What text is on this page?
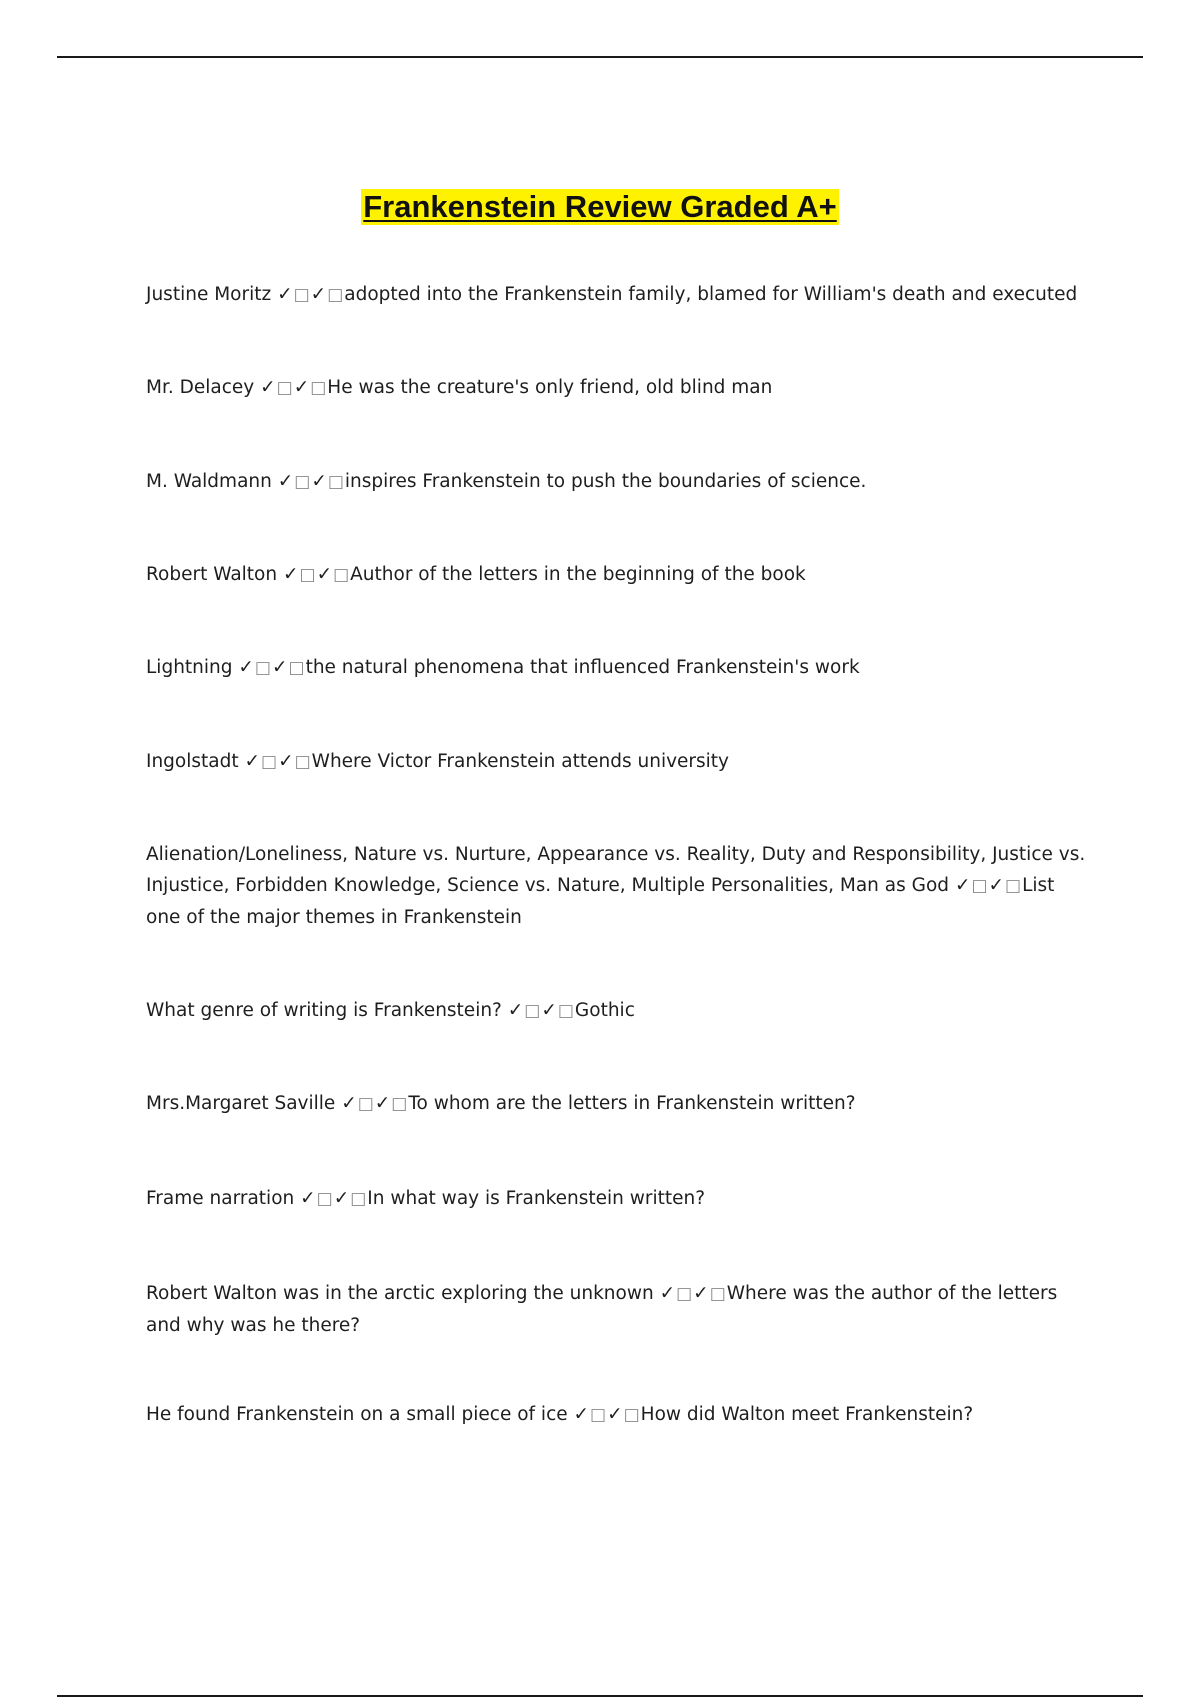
Frankenstein Review Graded A+
Justine Moritz ✓□✓□adopted into the Frankenstein family, blamed for William's death and executed
Mr. Delacey ✓□✓□He was the creature's only friend, old blind man
M. Waldmann ✓□✓□inspires Frankenstein to push the boundaries of science.
Robert Walton ✓□✓□Author of the letters in the beginning of the book
Lightning ✓□✓□the natural phenomena that influenced Frankenstein's work
Ingolstadt ✓□✓□Where Victor Frankenstein attends university
Alienation/Loneliness, Nature vs. Nurture, Appearance vs. Reality, Duty and Responsibility, Justice vs. Injustice, Forbidden Knowledge, Science vs. Nature, Multiple Personalities, Man as God ✓□✓□List one of the major themes in Frankenstein
What genre of writing is Frankenstein? ✓□✓□Gothic
Mrs.Margaret Saville ✓□✓□To whom are the letters in Frankenstein written?
Frame narration ✓□✓□In what way is Frankenstein written?
Robert Walton was in the arctic exploring the unknown ✓□✓□Where was the author of the letters and why was he there?
He found Frankenstein on a small piece of ice ✓□✓□How did Walton meet Frankenstein?
